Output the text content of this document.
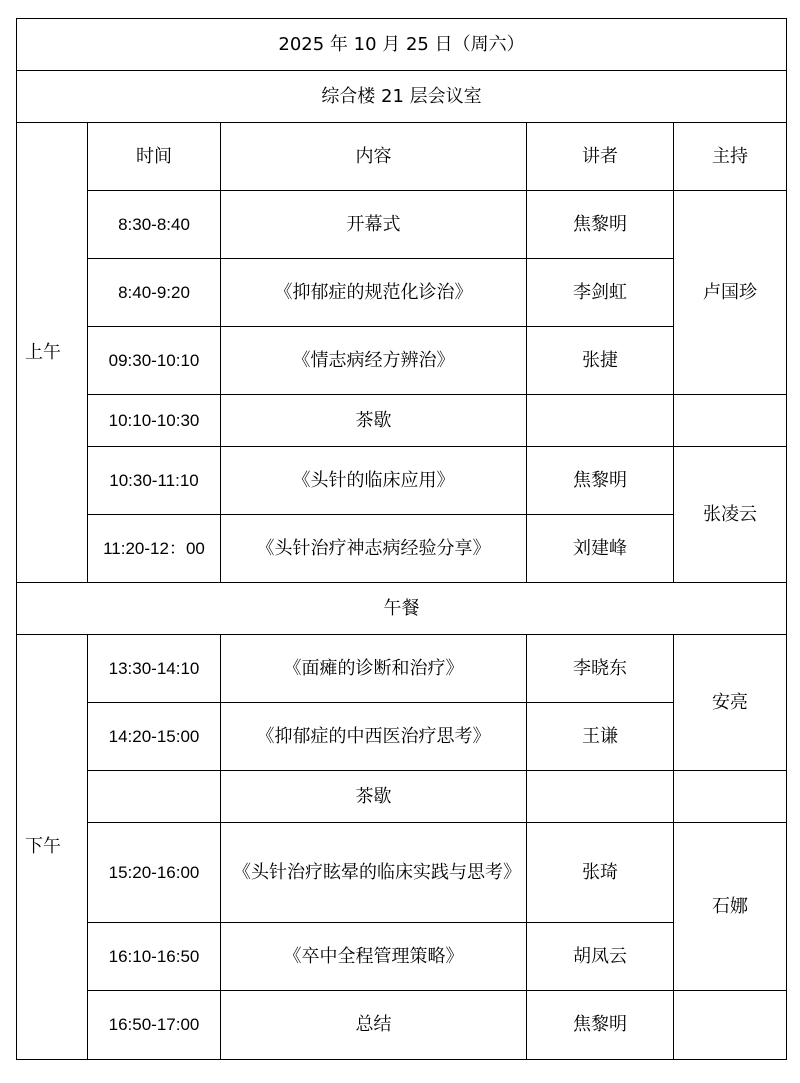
2025 年 10 月 25 日（周六）				
综合楼 21 层会议室				
上午	时间	内容	讲者	主持
	8:30-8:40	开幕式	焦黎明	卢国珍
	8:40-9:20	《抑郁症的规范化诊治》	李剑虹	
	09:30-10:10	《情志病经方辨治》	张捷	
	10:10-10:30	茶歇		
	10:30-11:10	《头针的临床应用》	焦黎明	张凌云
	11:20-12：00	《头针治疗神志病经验分享》	刘建峰	
午餐				
下午	13:30-14:10	《面瘫的诊断和治疗》	李晓东	安亮
	14:20-15:00	《抑郁症的中西医治疗思考》	王谦	
		茶歇		
	15:20-16:00	《头针治疗眩晕的临床实践与思考》	张琦	石娜
	16:10-16:50	《卒中全程管理策略》	胡凤云	
	16:50-17:00	总结	焦黎明	
